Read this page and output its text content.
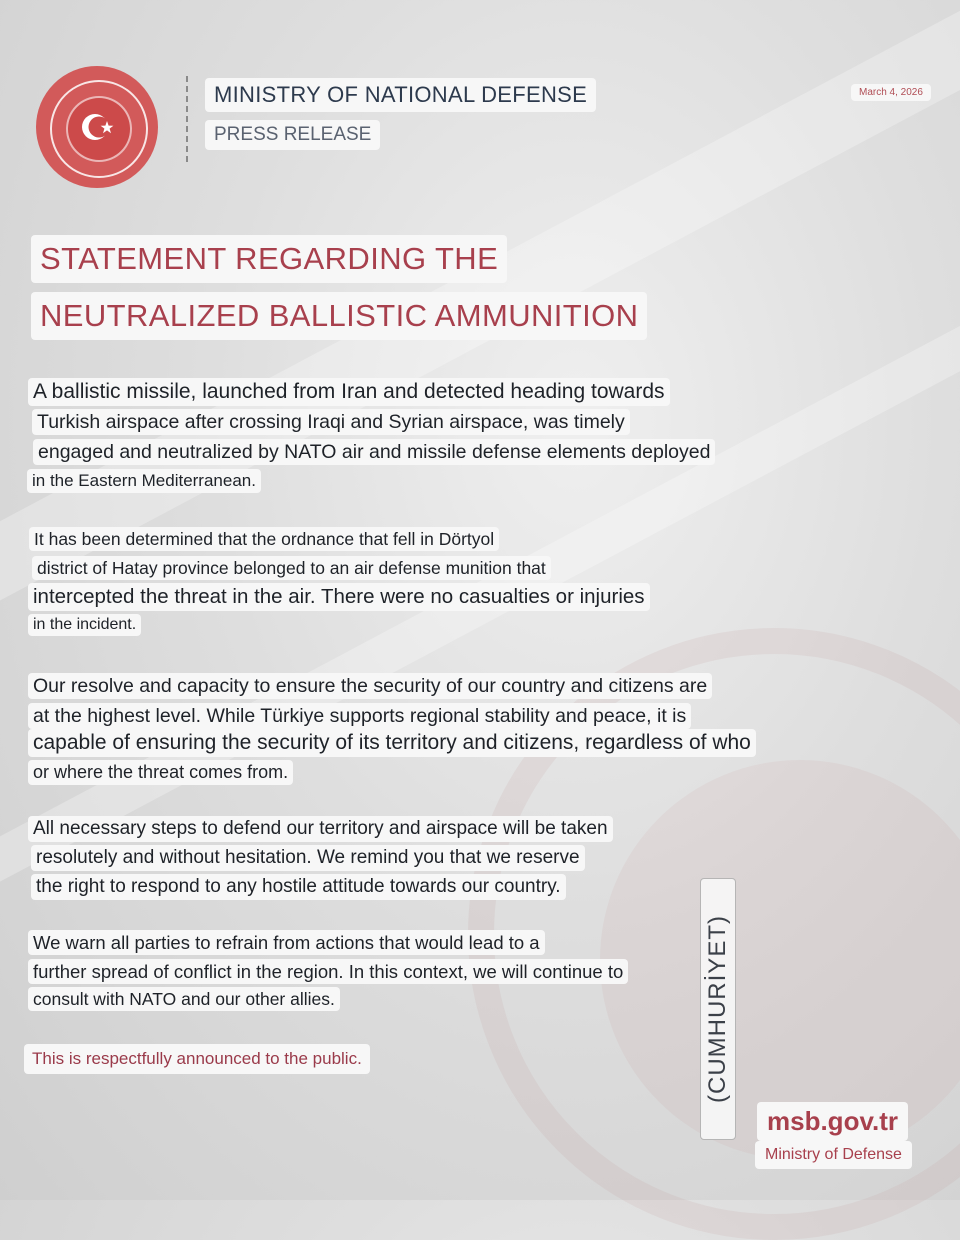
MINISTRY OF NATIONAL DEFENSE
PRESS RELEASE
March 4, 2026
STATEMENT REGARDING THE
NEUTRALIZED BALLISTIC AMMUNITION
A ballistic missile, launched from Iran and detected heading towards
Turkish airspace after crossing Iraqi and Syrian airspace, was timely
engaged and neutralized by NATO air and missile defense elements deployed
in the Eastern Mediterranean.
It has been determined that the ordnance that fell in Dörtyol
district of Hatay province belonged to an air defense munition that
intercepted the threat in the air. There were no casualties or injuries
in the incident.
Our resolve and capacity to ensure the security of our country and citizens are
at the highest level. While Türkiye supports regional stability and peace, it is
capable of ensuring the security of its territory and citizens, regardless of who
or where the threat comes from.
All necessary steps to defend our territory and airspace will be taken
resolutely and without hesitation. We remind you that we reserve
the right to respond to any hostile attitude towards our country.
We warn all parties to refrain from actions that would lead to a
further spread of conflict in the region. In this context, we will continue to
consult with NATO and our other allies.
This is respectfully announced to the public.	(CUMHURİYET)
msb.gov.tr
Ministry of Defense
